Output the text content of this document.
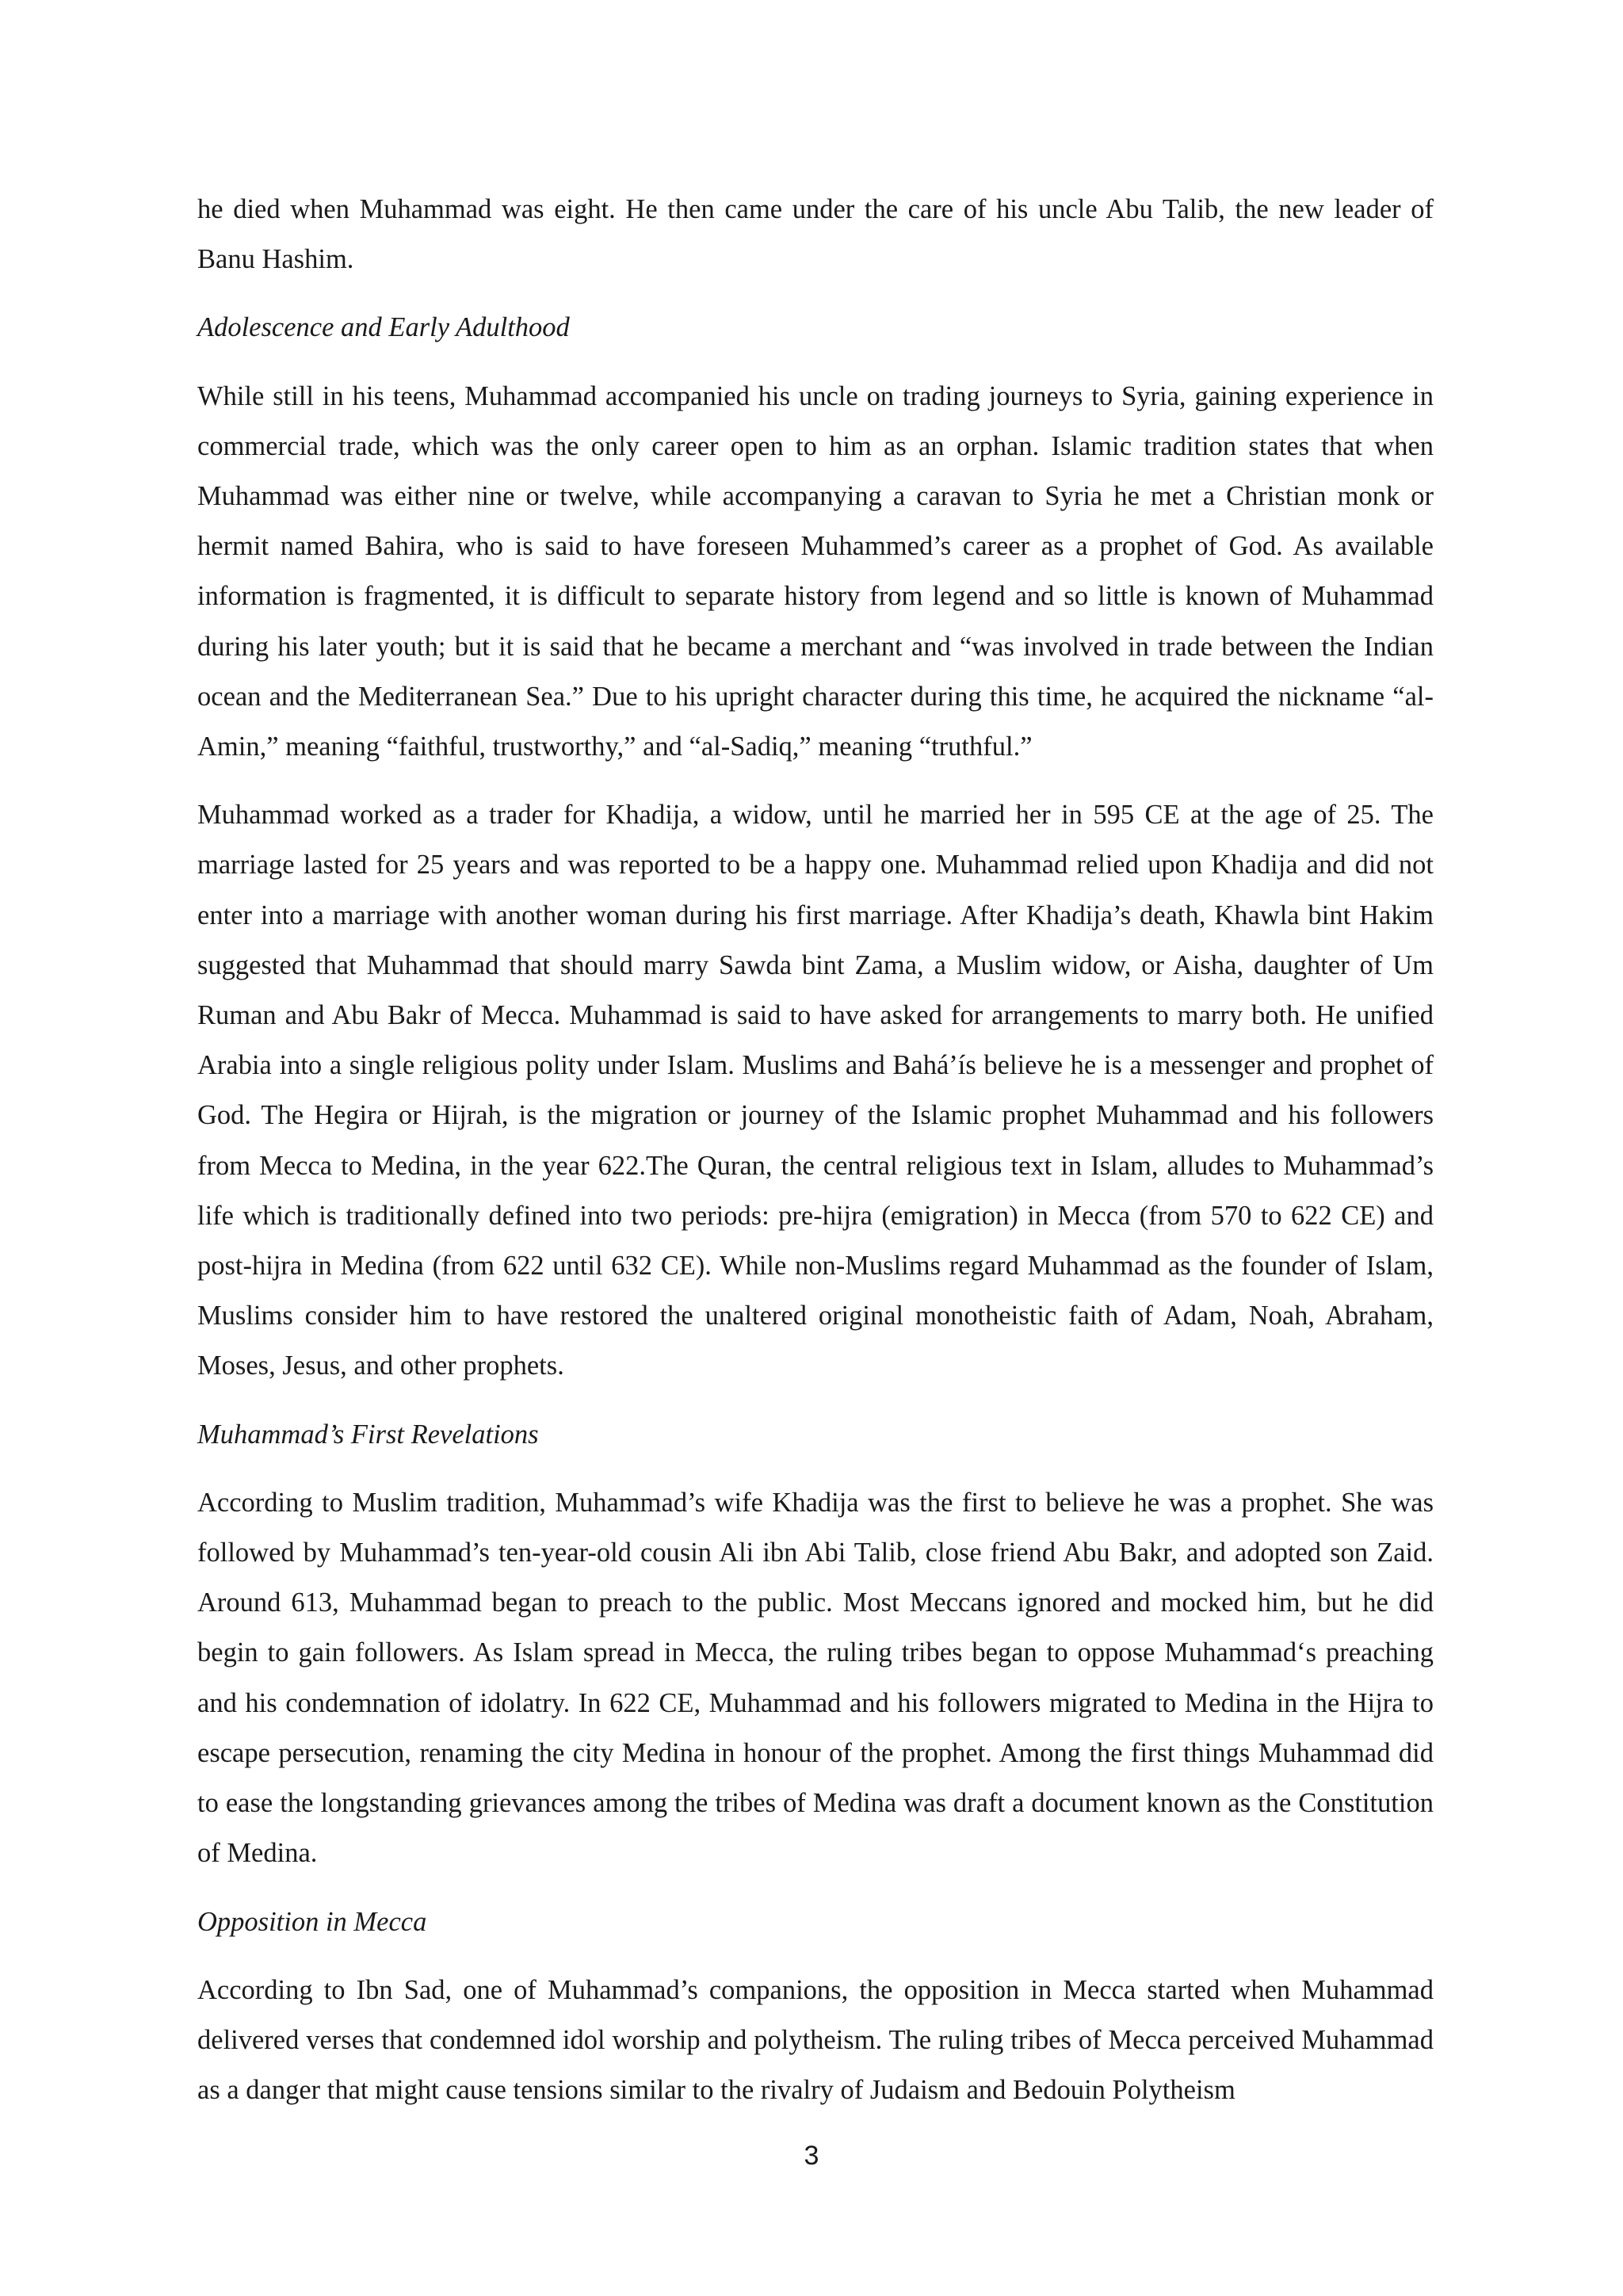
he died when Muhammad was eight. He then came under the care of his uncle Abu Talib, the new leader of Banu Hashim.

Adolescence and Early Adulthood

While still in his teens, Muhammad accompanied his uncle on trading journeys to Syria, gaining experience in commercial trade, which was the only career open to him as an orphan. Islamic tradition states that when Muhammad was either nine or twelve, while accompanying a caravan to Syria he met a Christian monk or hermit named Bahira, who is said to have foreseen Muhammed’s career as a prophet of God. As available information is fragmented, it is difficult to separate history from legend and so little is known of Muhammad during his later youth; but it is said that he became a merchant and “was involved in trade between the Indian ocean and the Mediterranean Sea.” Due to his upright character during this time, he acquired the nickname “al-Amin,” meaning “faithful, trustworthy,” and “al-Sadiq,” meaning “truthful.”

Muhammad worked as a trader for Khadija, a widow, until he married her in 595 CE at the age of 25. The marriage lasted for 25 years and was reported to be a happy one. Muhammad relied upon Khadija and did not enter into a marriage with another woman during his first marriage. After Khadija’s death, Khawla bint Hakim suggested that Muhammad that should marry Sawda bint Zama, a Muslim widow, or Aisha, daughter of Um Ruman and Abu Bakr of Mecca. Muhammad is said to have asked for arrangements to marry both. He unified Arabia into a single religious polity under Islam. Muslims and Bahá’ís believe he is a messenger and prophet of God. The Hegira or Hijrah, is the migration or journey of the Islamic prophet Muhammad and his followers from Mecca to Medina, in the year 622.The Quran, the central religious text in Islam, alludes to Muhammad’s life which is traditionally defined into two periods: pre-hijra (emigration) in Mecca (from 570 to 622 CE) and post-hijra in Medina (from 622 until 632 CE). While non-Muslims regard Muhammad as the founder of Islam, Muslims consider him to have restored the unaltered original monotheistic faith of Adam, Noah, Abraham, Moses, Jesus, and other prophets.

Muhammad’s First Revelations

According to Muslim tradition, Muhammad’s wife Khadija was the first to believe he was a prophet. She was followed by Muhammad’s ten-year-old cousin Ali ibn Abi Talib, close friend Abu Bakr, and adopted son Zaid. Around 613, Muhammad began to preach to the public. Most Meccans ignored and mocked him, but he did begin to gain followers. As Islam spread in Mecca, the ruling tribes began to oppose Muhammad‘s preaching and his condemnation of idolatry. In 622 CE, Muhammad and his followers migrated to Medina in the Hijra to escape persecution, renaming the city Medina in honour of the prophet. Among the first things Muhammad did to ease the longstanding grievances among the tribes of Medina was draft a document known as the Constitution of Medina.

Opposition in Mecca

According to Ibn Sad, one of Muhammad’s companions, the opposition in Mecca started when Muhammad delivered verses that condemned idol worship and polytheism. The ruling tribes of Mecca perceived Muhammad as a danger that might cause tensions similar to the rivalry of Judaism and Bedouin Polytheism

3
